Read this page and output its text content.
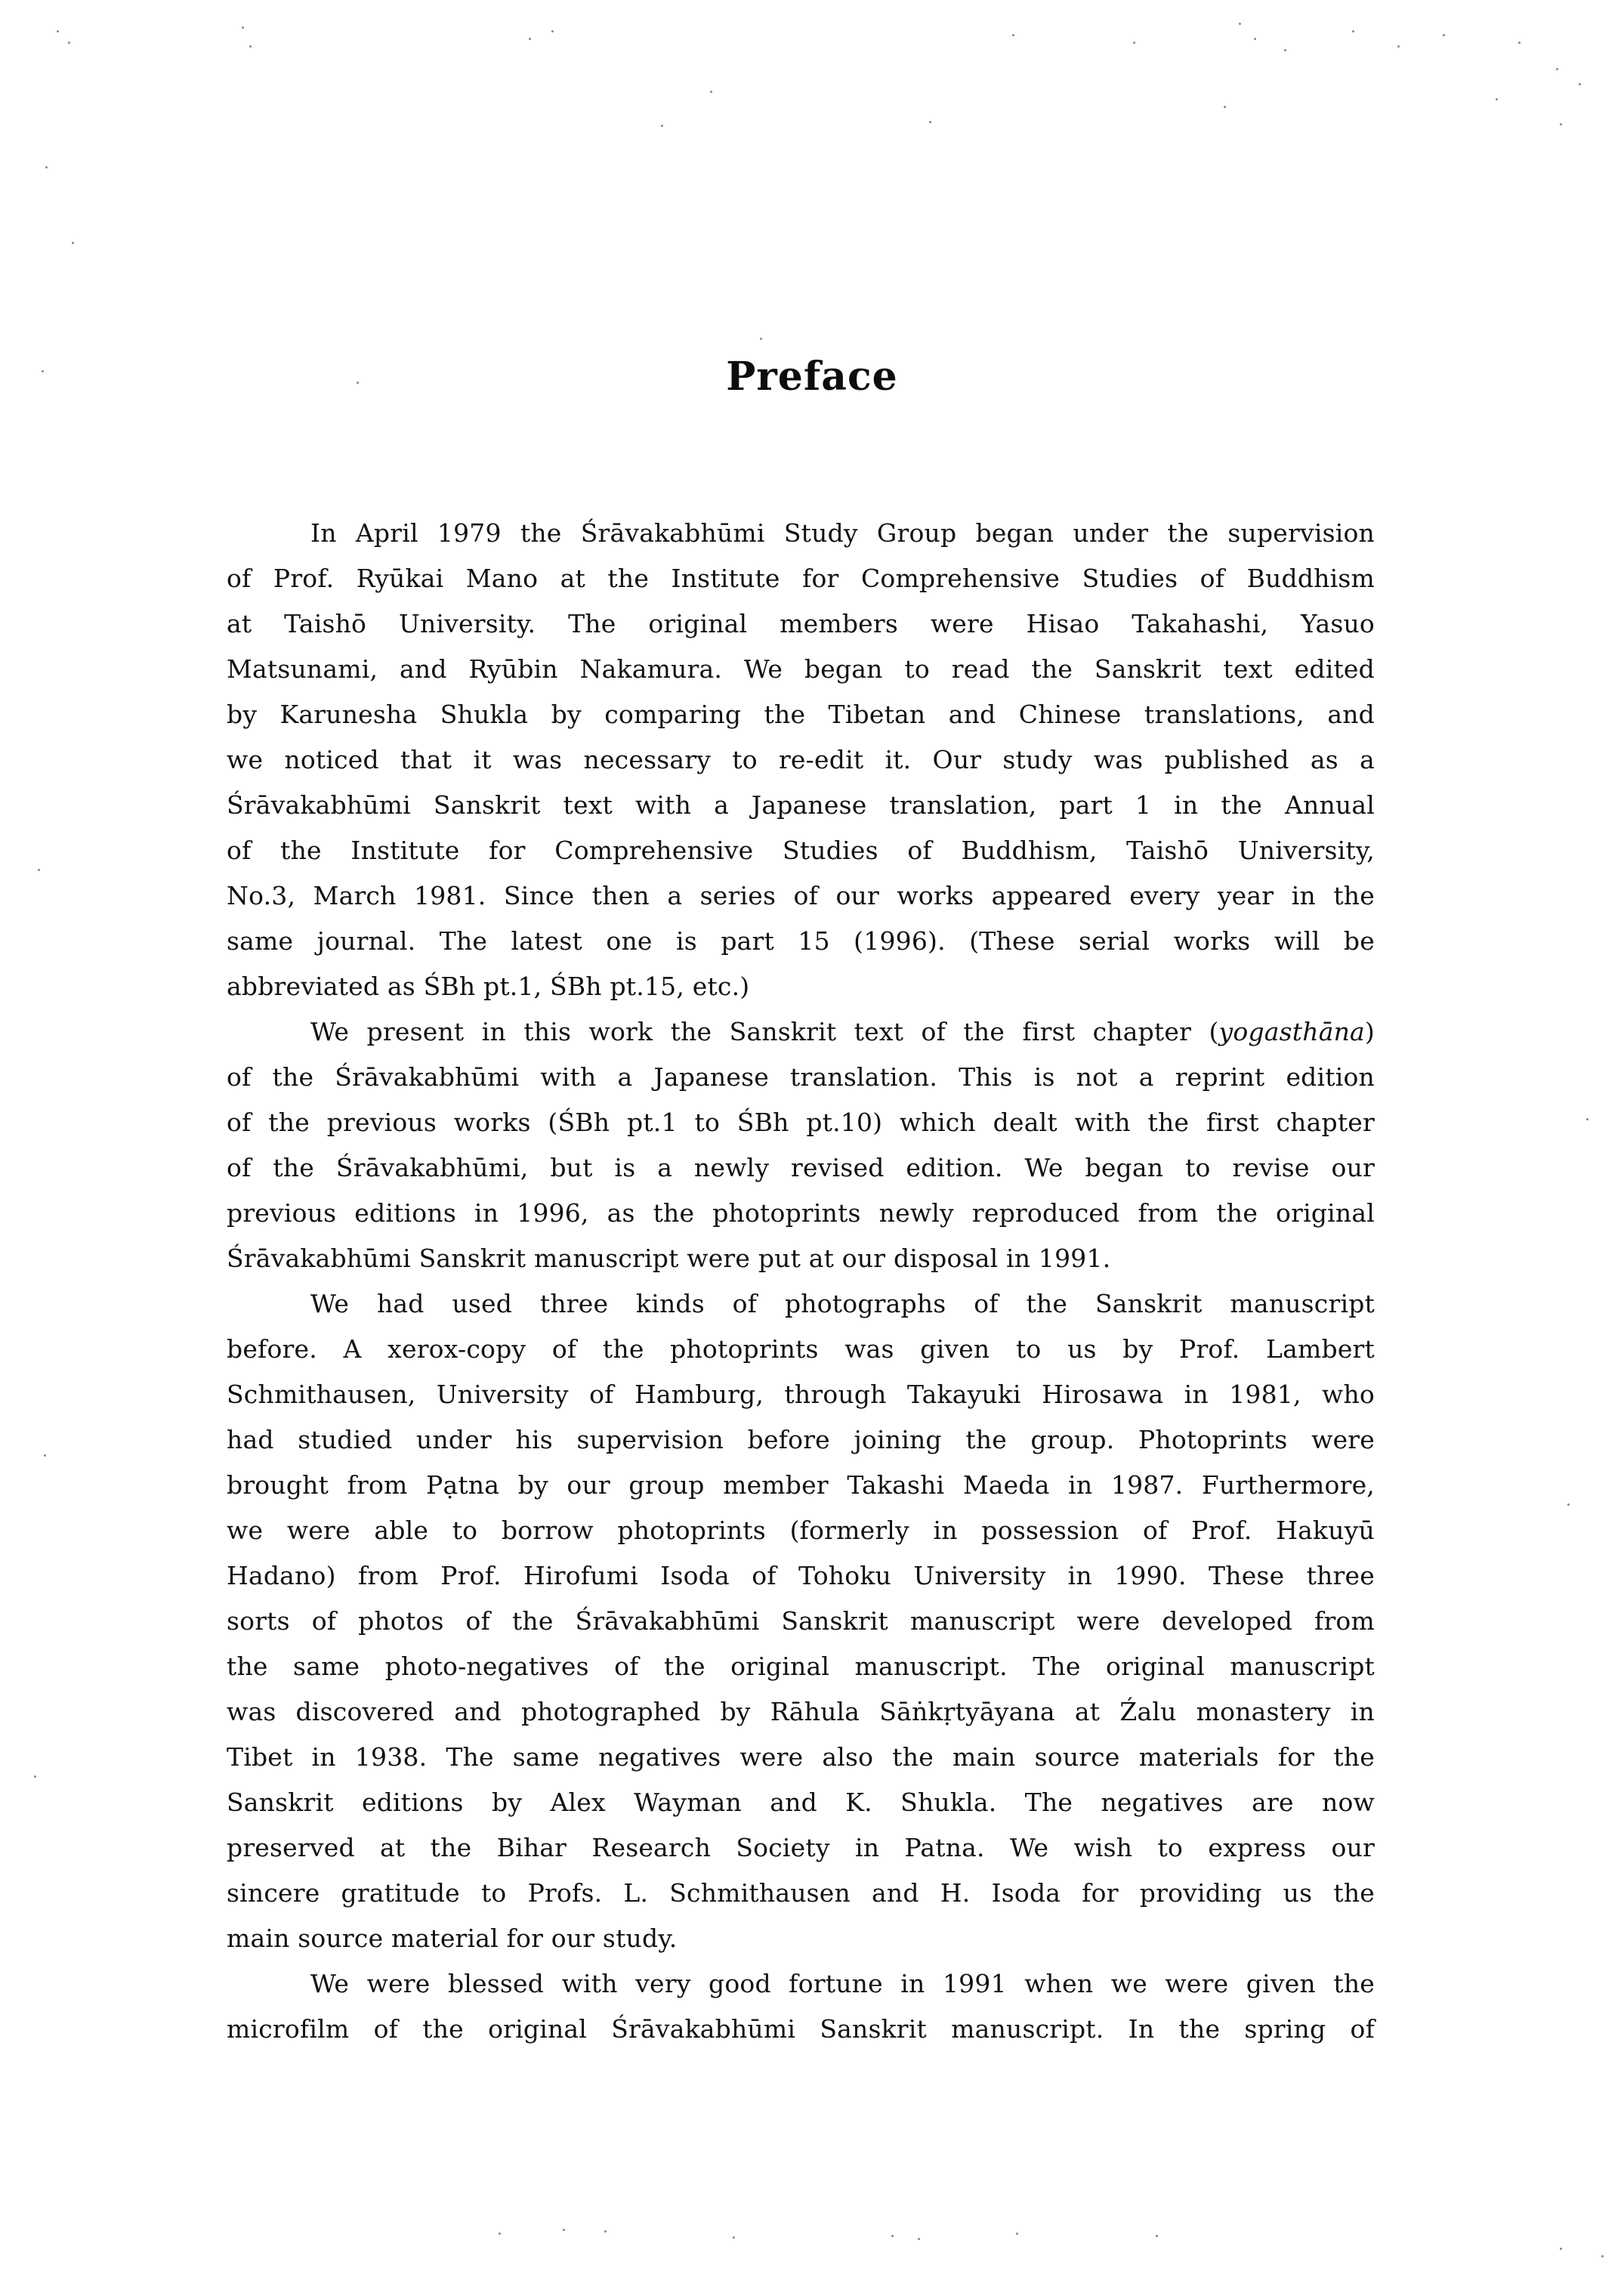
Preface
In April 1979 the Śrāvakabhūmi Study Group began under the supervision
of Prof. Ryūkai Mano at the Institute for Comprehensive Studies of Buddhism
at Taishō University. The original members were Hisao Takahashi, Yasuo
Matsunami, and Ryūbin Nakamura. We began to read the Sanskrit text edited
by Karunesha Shukla by comparing the Tibetan and Chinese translations, and
we noticed that it was necessary to re-edit it. Our study was published as a
Śrāvakabhūmi Sanskrit text with a Japanese translation, part 1 in the Annual
of the Institute for Comprehensive Studies of Buddhism, Taishō University,
No.3, March 1981. Since then a series of our works appeared every year in the
same journal. The latest one is part 15 (1996). (These serial works will be
abbreviated as ŚBh pt.1, ŚBh pt.15, etc.)
We present in this work the Sanskrit text of the first chapter (yogasthāna)
of the Śrāvakabhūmi with a Japanese translation. This is not a reprint edition
of the previous works (ŚBh pt.1 to ŚBh pt.10) which dealt with the first chapter
of the Śrāvakabhūmi, but is a newly revised edition. We began to revise our
previous editions in 1996, as the photoprints newly reproduced from the original
Śrāvakabhūmi Sanskrit manuscript were put at our disposal in 1991.
We had used three kinds of photographs of the Sanskrit manuscript
before. A xerox-copy of the photoprints was given to us by Prof. Lambert
Schmithausen, University of Hamburg, through Takayuki Hirosawa in 1981, who
had studied under his supervision before joining the group. Photoprints were
brought from Pạtna by our group member Takashi Maeda in 1987. Furthermore,
we were able to borrow photoprints (formerly in possession of Prof. Hakuyū
Hadano) from Prof. Hirofumi Isoda of Tohoku University in 1990. These three
sorts of photos of the Śrāvakabhūmi Sanskrit manuscript were developed from
the same photo-negatives of the original manuscript. The original manuscript
was discovered and photographed by Rāhula Sāṅkṛtyāyana at Źalu monastery in
Tibet in 1938. The same negatives were also the main source materials for the
Sanskrit editions by Alex Wayman and K. Shukla. The negatives are now
preserved at the Bihar Research Society in Patna. We wish to express our
sincere gratitude to Profs. L. Schmithausen and H. Isoda for providing us the
main source material for our study.
We were blessed with very good fortune in 1991 when we were given the
microfilm of the original Śrāvakabhūmi Sanskrit manuscript. In the spring of
